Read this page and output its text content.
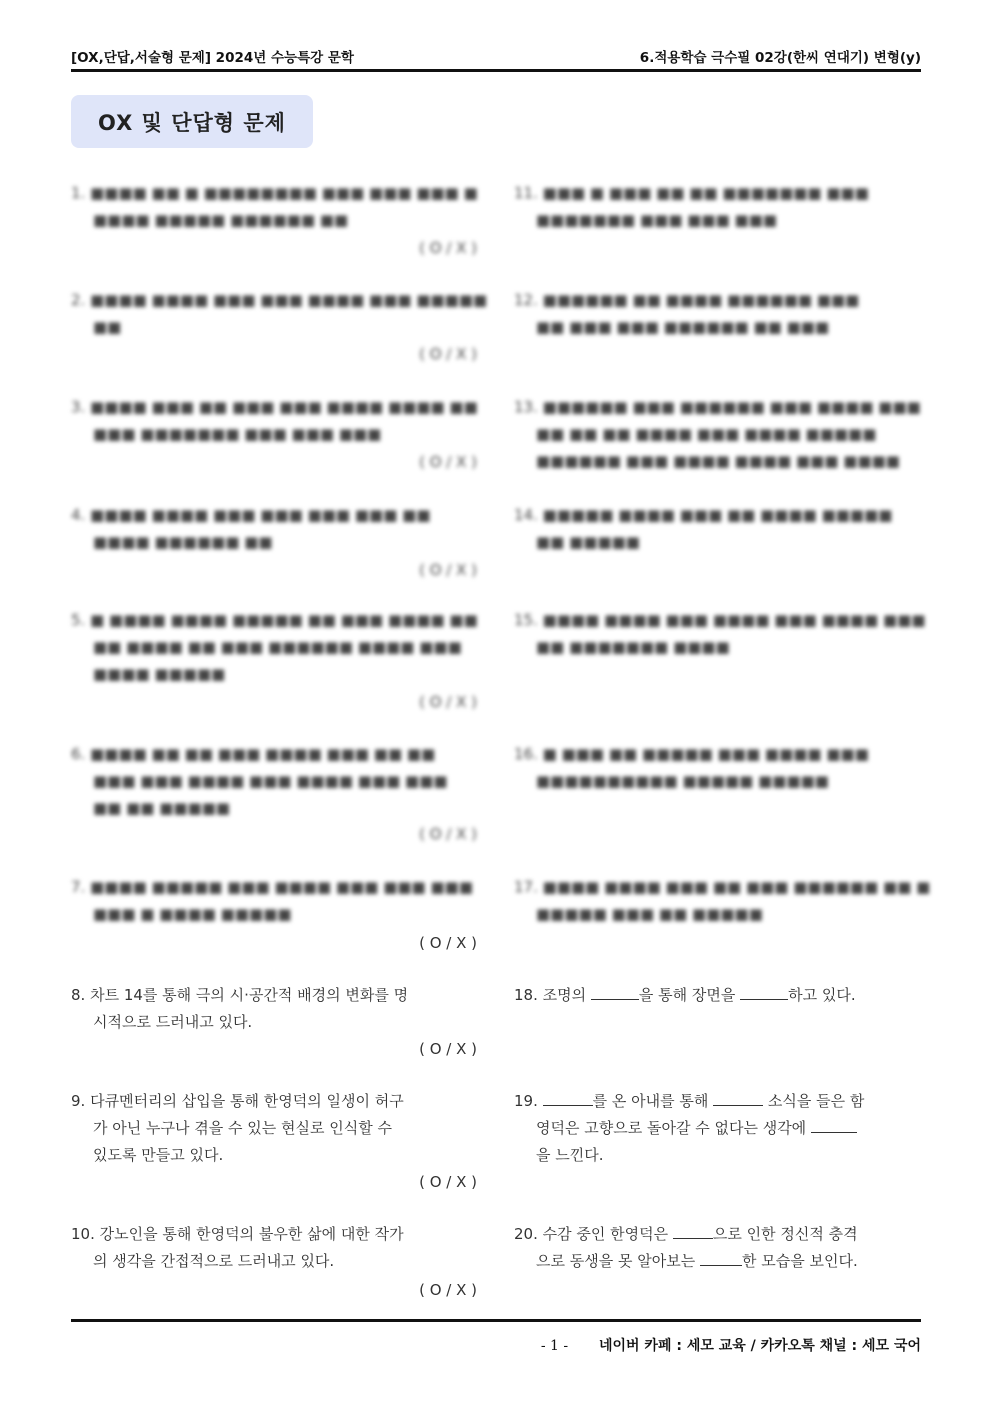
[OX,단답,서술형 문제] 2024년 수능특강 문학	6.적용학습 극수필 02강(한씨 연대기) 변형(y)
OX 및 단답형 문제
1. ■■■■ ■■ ■ ■■■■■■■■ ■■■ ■■■ ■■■ ■
■■■■ ■■■■■ ■■■■■■ ■■
( O / X )
2. ■■■■ ■■■■ ■■■ ■■■ ■■■■ ■■■ ■■■■■
■■
( O / X )
3. ■■■■ ■■■ ■■ ■■■ ■■■ ■■■■ ■■■■ ■■
■■■ ■■■■■■■ ■■■ ■■■ ■■■
( O / X )
4. ■■■■ ■■■■ ■■■ ■■■ ■■■ ■■■ ■■
■■■■ ■■■■■■ ■■
( O / X )
5. ■ ■■■■ ■■■■ ■■■■■ ■■ ■■■ ■■■■ ■■
■■ ■■■■ ■■ ■■■ ■■■■■■ ■■■■ ■■■
■■■■ ■■■■■
( O / X )
6. ■■■■ ■■ ■■ ■■■ ■■■■ ■■■ ■■ ■■
■■■ ■■■ ■■■■ ■■■ ■■■■ ■■■ ■■■
■■ ■■ ■■■■■
( O / X )
7. ■■■■ ■■■■■ ■■■ ■■■■ ■■■ ■■■ ■■■
■■■ ■ ■■■■ ■■■■■
( O / X )
8. 차트 14를 통해 극의 시·공간적 배경의 변화를 명
시적으로 드러내고 있다.
( O / X )
9. 다큐멘터리의 삽입을 통해 한영덕의 일생이 허구
가 아닌 누구나 겪을 수 있는 현실로 인식할 수
있도록 만들고 있다.
( O / X )
10. 강노인을 통해 한영덕의 불우한 삶에 대한 작가
의 생각을 간접적으로 드러내고 있다.
( O / X )
11. ■■■ ■ ■■■ ■■ ■■ ■■■■■■■ ■■■
■■■■■■■ ■■■ ■■■ ■■■
12. ■■■■■■ ■■ ■■■■ ■■■■■■ ■■■
■■ ■■■ ■■■ ■■■■■■ ■■ ■■■
13. ■■■■■■ ■■■ ■■■■■■ ■■■ ■■■■ ■■■
■■ ■■ ■■ ■■■■ ■■■ ■■■■ ■■■■■
■■■■■■ ■■■ ■■■■ ■■■■ ■■■ ■■■■
14. ■■■■■ ■■■■ ■■■ ■■ ■■■■ ■■■■■
■■ ■■■■■
15. ■■■■ ■■■■ ■■■ ■■■■ ■■■ ■■■■ ■■■
■■ ■■■■■■■ ■■■■
16. ■ ■■■ ■■ ■■■■■ ■■■ ■■■■ ■■■
■■■■■■■■■■ ■■■■■ ■■■■■
17. ■■■■ ■■■■ ■■■ ■■ ■■■ ■■■■■■ ■■ ■
■■■■■ ■■■ ■■ ■■■■■
18. 조명의	을 통해 장면을	하고 있다.
19.	를 온 아내를 통해	소식을 들은 함
영덕은 고향으로 돌아갈 수 없다는 생각에
을 느낀다.
20. 수감 중인 한영덕은	으로 인한 정신적 충격
으로 동생을 못 알아보는	한 모습을 보인다.
- 1 - 네이버 카페 : 세모 교육 / 카카오톡 채널 : 세모 국어
